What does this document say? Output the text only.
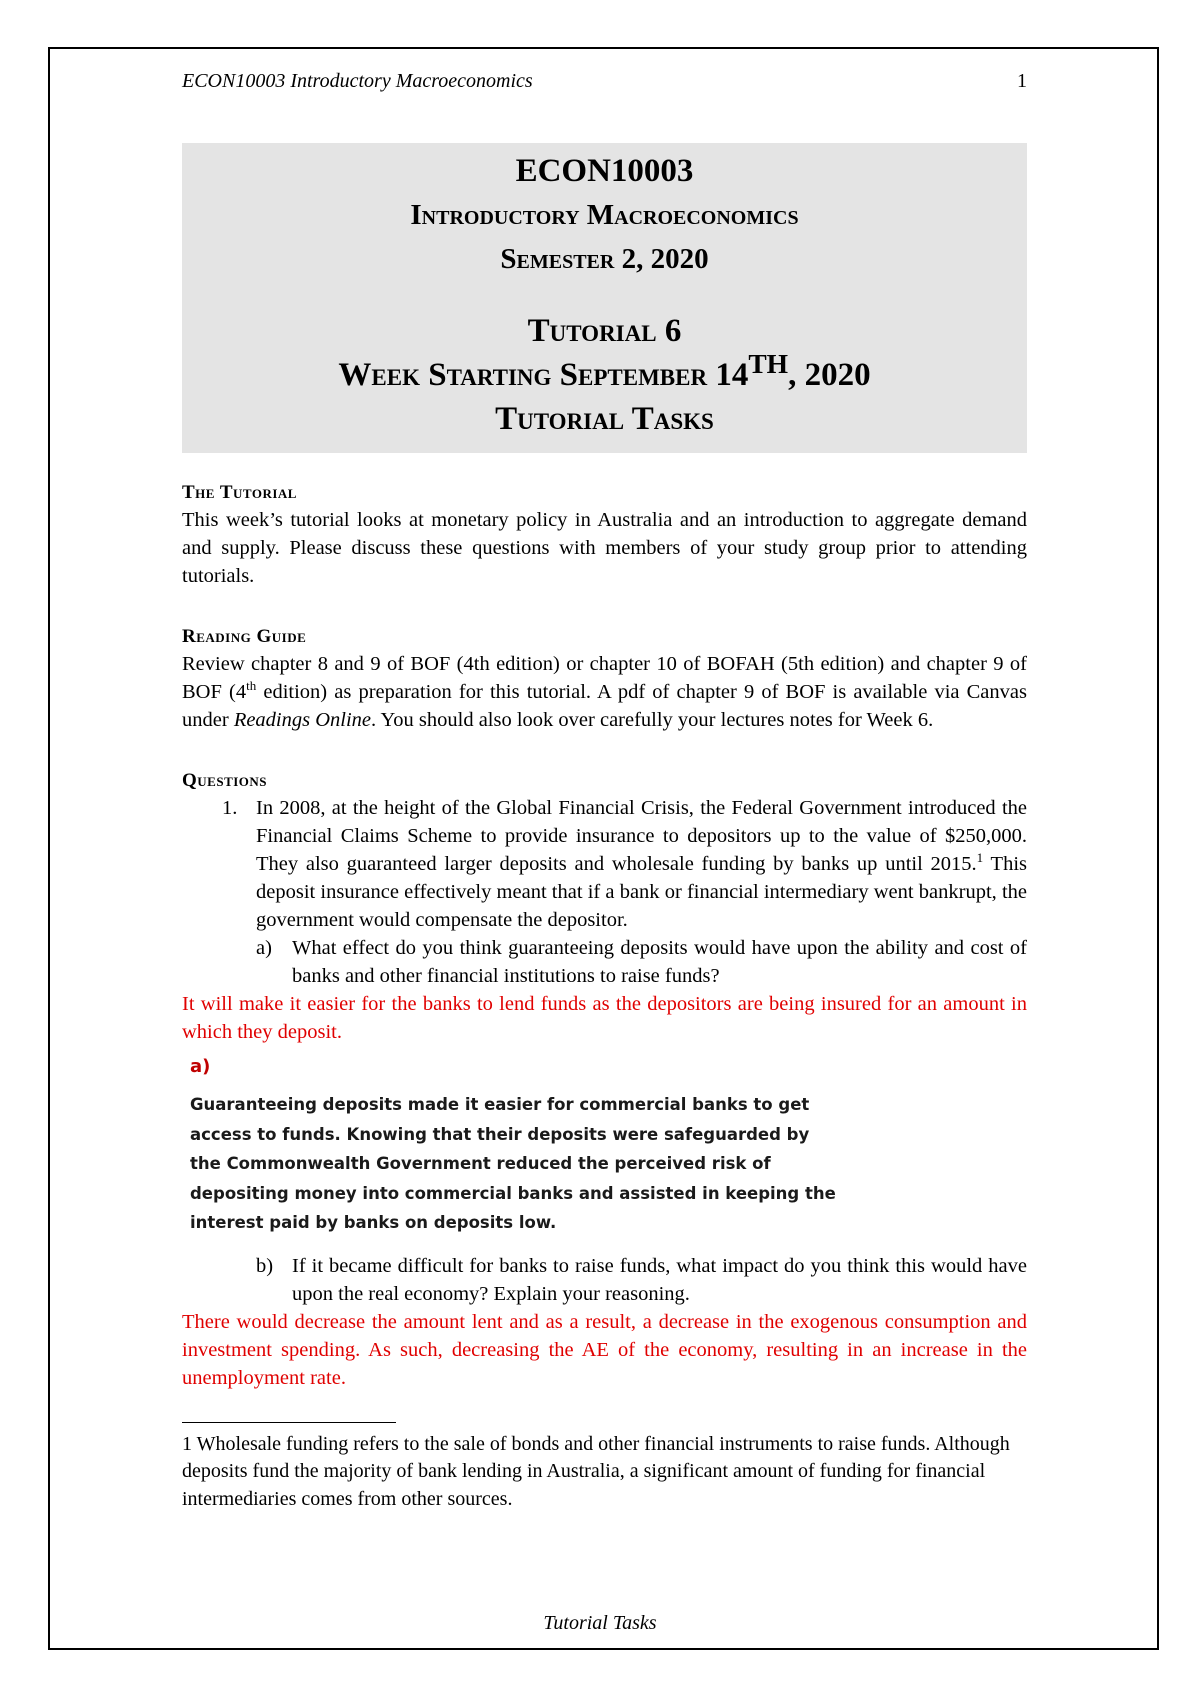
ECON10003 Introductory Macroeconomics	1
ECON10003
Introductory Macroeconomics
Semester 2, 2020
Tutorial 6
Week Starting September 14TH, 2020
Tutorial Tasks
The Tutorial

This week’s tutorial looks at monetary policy in Australia and an introduction to aggregate demand and supply. Please discuss these questions with members of your study group prior to attending tutorials.

Reading Guide

Review chapter 8 and 9 of BOF (4th edition) or chapter 10 of BOFAH (5th edition) and chapter 9 of BOF (4th edition) as preparation for this tutorial. A pdf of chapter 9 of BOF is available via Canvas under Readings Online. You should also look over carefully your lectures notes for Week 6.

Questions
1. In 2008, at the height of the Global Financial Crisis, the Federal Government introduced the Financial Claims Scheme to provide insurance to depositors up to the value of $250,000. They also guaranteed larger deposits and wholesale funding by banks up until 2015.$^1$ This deposit insurance effectively meant that if a bank or financial intermediary went bankrupt, the government would compensate the depositor.
a) What effect do you think guaranteeing deposits would have upon the ability and cost of banks and other financial institutions to raise funds?
It will make it easier for the banks to lend funds as the depositors are being insured for an amount in which they deposit.
a)
Guaranteeing deposits made it easier for commercial banks to get access to funds. Knowing that their deposits were safeguarded by the Commonwealth Government reduced the perceived risk of depositing money into commercial banks and assisted in keeping the interest paid by banks on deposits low.
b) If it became difficult for banks to raise funds, what impact do you think this would have upon the real economy? Explain your reasoning.
There would decrease the amount lent and as a result, a decrease in the exogenous consumption and investment spending. As such, decreasing the AE of the economy, resulting in an increase in the unemployment rate.
1 Wholesale funding refers to the sale of bonds and other financial instruments to raise funds. Although deposits fund the majority of bank lending in Australia, a significant amount of funding for financial intermediaries comes from other sources.
Tutorial Tasks
